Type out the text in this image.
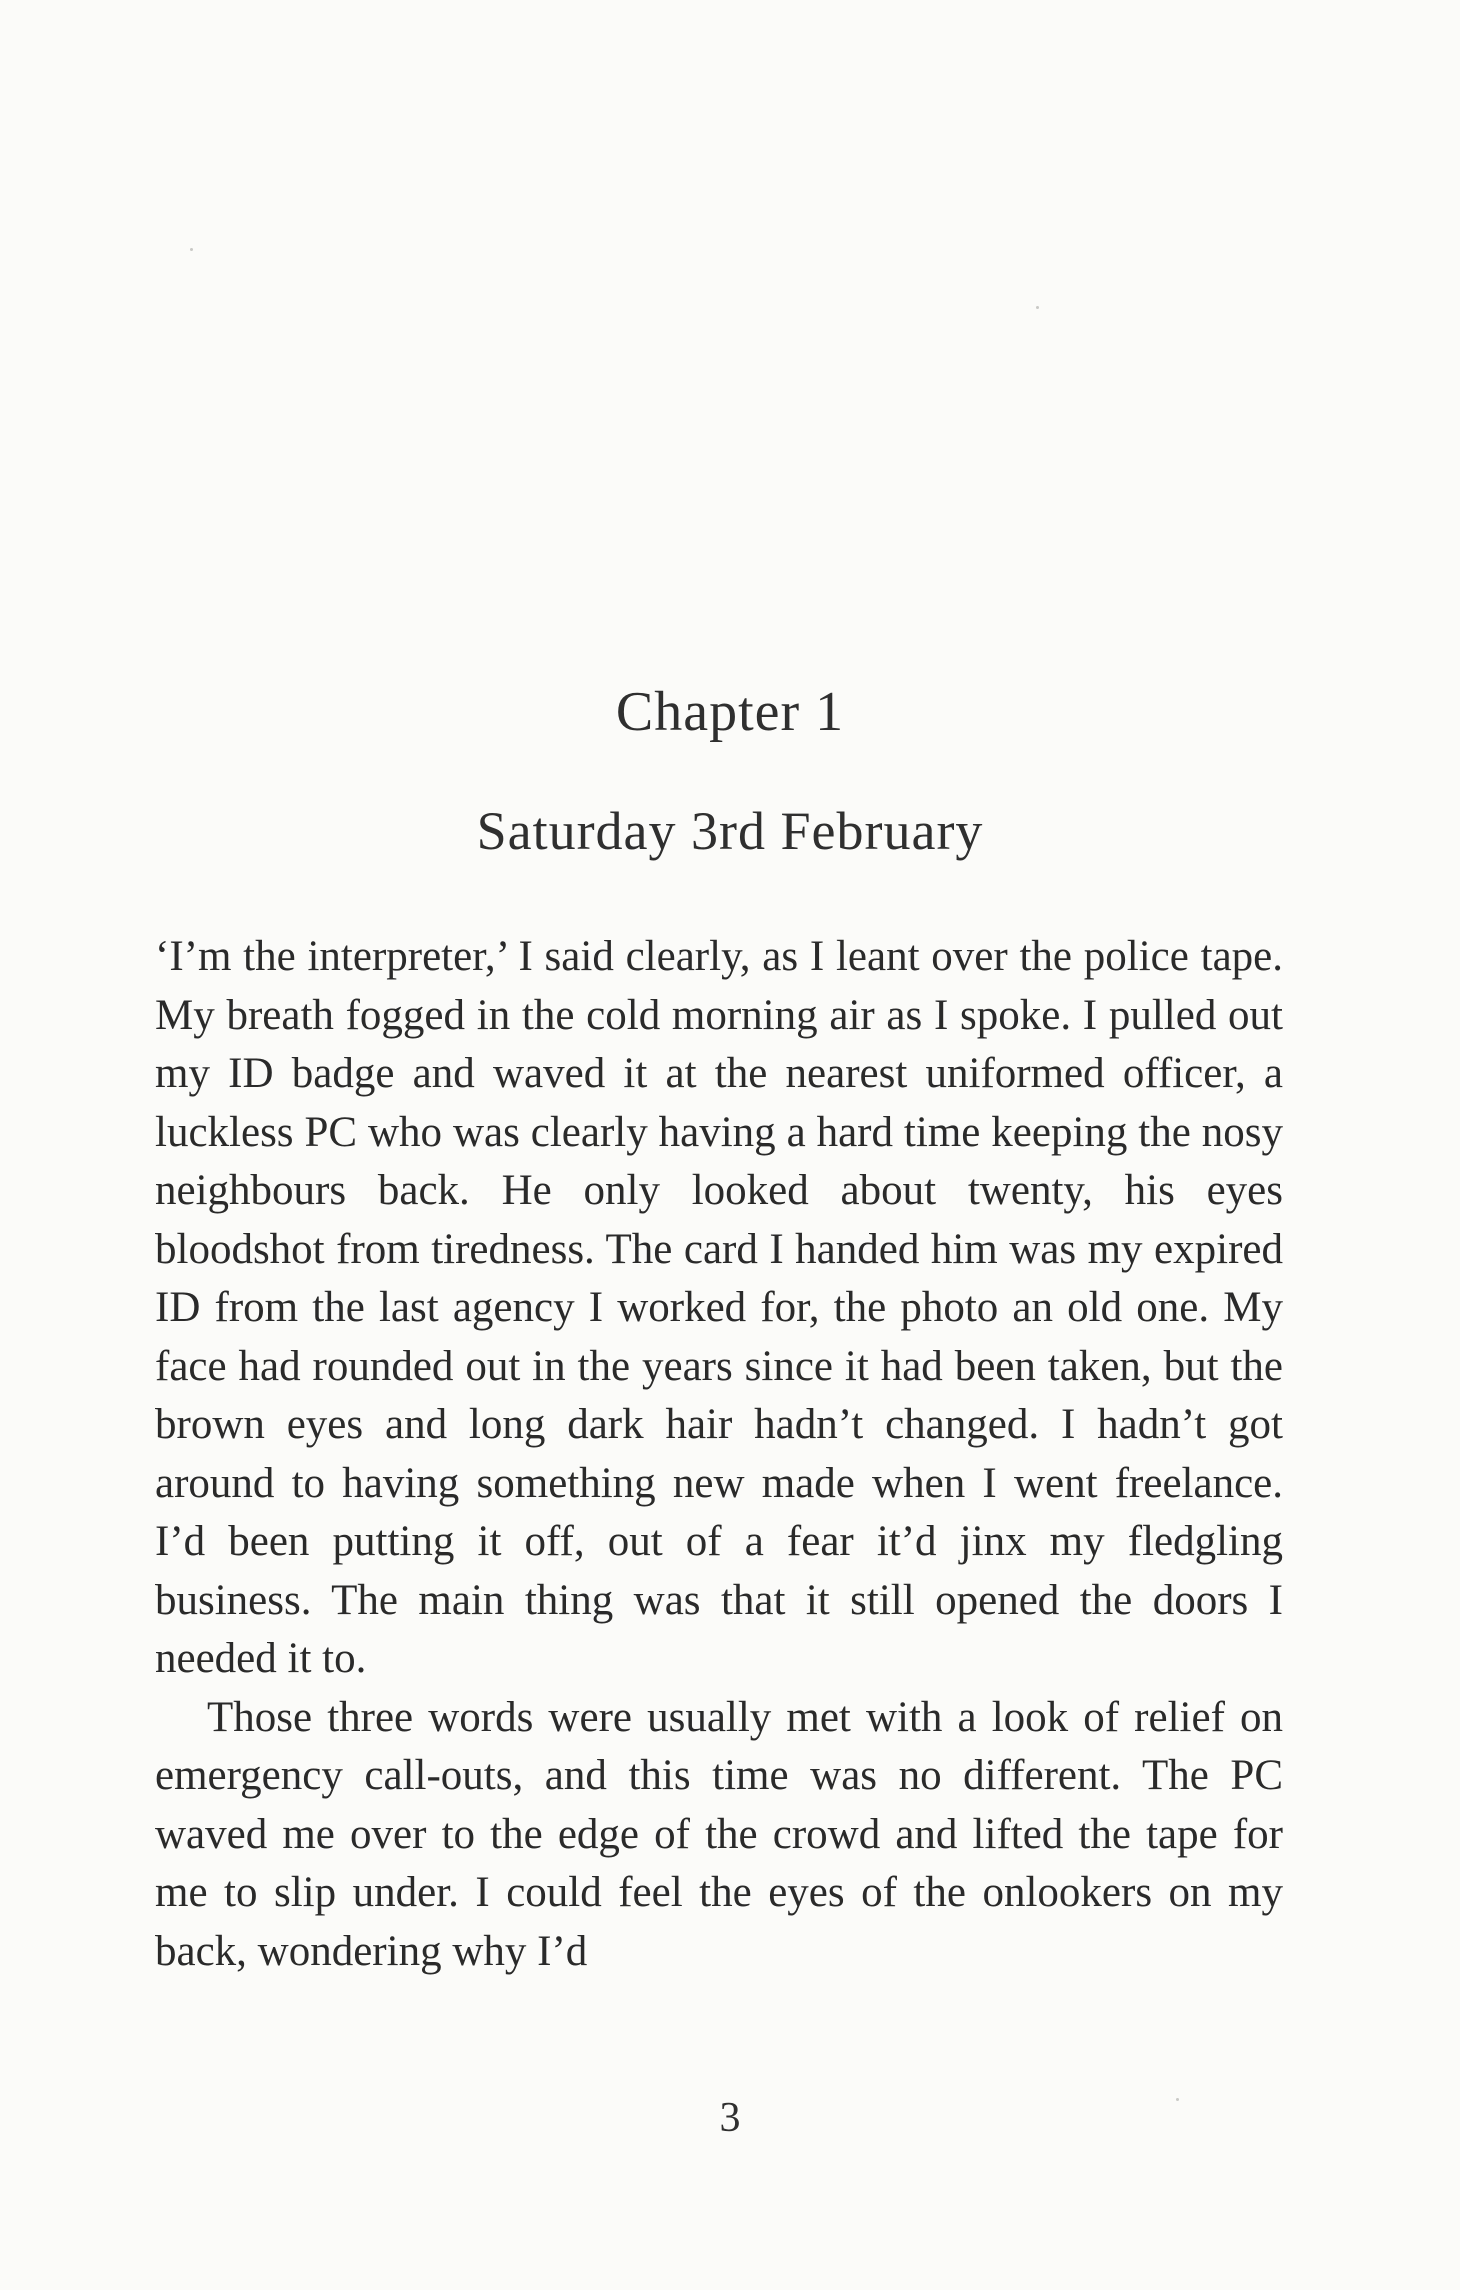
Chapter 1
Saturday 3rd February

‘I’m the interpreter,’ I said clearly, as I leant over the police tape. My breath fogged in the cold morning air as I spoke. I pulled out my ID badge and waved it at the nearest uniformed officer, a luckless PC who was clearly having a hard time keeping the nosy neighbours back. He only looked about twenty, his eyes bloodshot from tiredness. The card I handed him was my expired ID from the last agency I worked for, the photo an old one. My face had rounded out in the years since it had been taken, but the brown eyes and long dark hair hadn’t changed. I hadn’t got around to having something new made when I went freelance. I’d been putting it off, out of a fear it’d jinx my fledgling business. The main thing was that it still opened the doors I needed it to.

Those three words were usually met with a look of relief on emergency call-outs, and this time was no different. The PC waved me over to the edge of the crowd and lifted the tape for me to slip under. I could feel the eyes of the onlookers on my back, wondering why I’d

3
